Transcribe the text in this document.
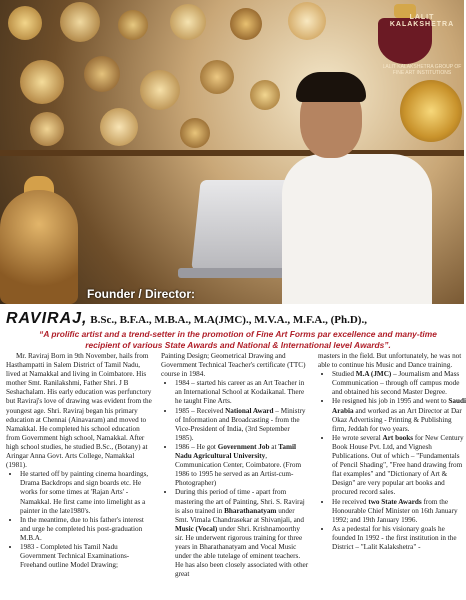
LALIT KALAKSHETRA
LALIT KALAKSHETRA GROUP OF FINE ART INSTITUTIONS
Founder / Director:
RAVIRAJ, B.Sc., B.F.A., M.B.A., M.A(JMC)., M.V.A., M.F.A., (Ph.D).,
“A prolific artist and a trend-setter in the promotion of Fine Art Forms par excellence and many-time recipient of various State Awards and National & International level Awards”.

Mr. Raviraj Born in 9th November, hails from Hasthampatti in Salem District of Tamil Nadu, lived at Namakkal and living in Coimbatore. His mother Smt. Ranilakshmi, Father Shri. J B Seshachalam. His early education was perfunctory but Raviraj's love of drawing was evident from the youngest age. Shri. Raviraj began his primary education at Chennai (Ainavaram) and moved to Namakkal. He completed his school education from Government high school, Namakkal. After high school studies, he studied B.Sc., (Botany) at Aringar Anna Govt. Arts College, Namakkal (1981).

• He started off by painting cinema hoardings, Drama Backdrops and sign boards etc. He works for some times at 'Rajan Arts' -Namakkal. He first came into limelight as a painter in the late1980's.
• In the meantime, due to his father's interest and urge he completed his post-graduation M.B.A.
• 1983 - Completed his Tamil Nadu Government Technical Examinations-Freehand outline Model Drawing;

Painting Design; Geometrical Drawing and Government Technical Teacher's certificate (TTC) course in 1984.

• 1984 – started his career as an Art Teacher in an International School at Kodaikanal. There he taught Fine Arts.
• 1985 – Received National Award – Ministry of Information and Broadcasting - from the Vice-President of India, (3rd September 1985).
• 1986 – He got Government Job at Tamil Nadu Agricultural University, Communication Center, Coimbatore. (From 1986 to 1995 he served as an Artist-cum-Photographer)
• During this period of time - apart from mastering the art of Painting, Shri. S. Raviraj is also trained in Bharathanatyam under Smt. Vimala Chandrasekar at Shivanjali, and Music (Vocal) under Shri. Krishnamoorthy sir. He underwent rigorous training for three years in Bharathanatyam and Vocal Music under the able tutelage of eminent teachers. He has also been closely associated with other great

masters in the field. But unfortunately, he was not able to continue his Music and Dance training.

• Studied M.A (JMC) – Journalism and Mass Communication – through off campus mode and obtained his second Master Degree.
• He resigned his job in 1995 and went to Saudi Arabia and worked as an Art Director at Dar Okaz Advertising - Printing & Publishing firm, Jeddah for two years.
• He wrote several Art books for New Century Book House Pvt. Ltd, and Vignesh Publications. Out of which – "Fundamentals of Pencil Shading", "Free hand drawing from flat examples" and "Dictionary of Art & Design" are very popular art books and procured record sales.
• He received two State Awards from the Honourable Chief Minister on 16th January 1992; and 19th January 1996.
• As a pedestal for his visionary goals he founded In 1992 - the first institution in the District – "Lalit Kalakshetra" -
